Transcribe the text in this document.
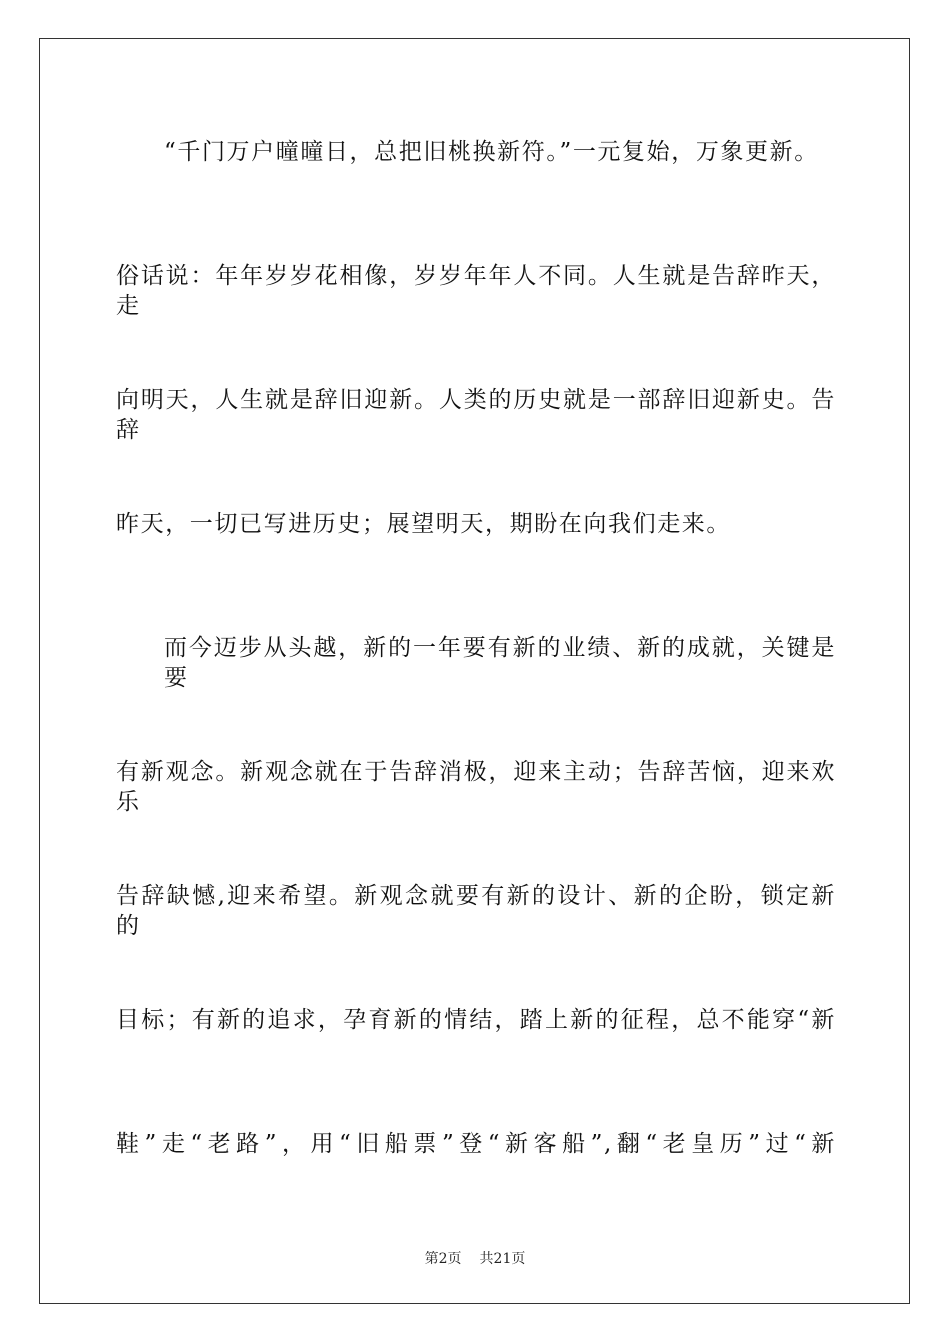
“千门万户曈曈日，总把旧桃换新符。”一元复始，万象更新。
俗话说：年年岁岁花相像，岁岁年年人不同。人生就是告辞昨天，走
向明天，人生就是辞旧迎新。人类的历史就是一部辞旧迎新史。告辞
昨天，一切已写进历史；展望明天，期盼在向我们走来。
而今迈步从头越，新的一年要有新的业绩、新的成就，关键是要
有新观念。新观念就在于告辞消极，迎来主动；告辞苦恼，迎来欢乐
告辞缺憾,迎来希望。新观念就要有新的设计、新的企盼，锁定新的
目标；有新的追求，孕育新的情结，踏上新的征程，总不能穿“新
鞋”走“老路”，用“旧船票”登“新客船”,翻“老皇历”过“新
第2页 共21页
